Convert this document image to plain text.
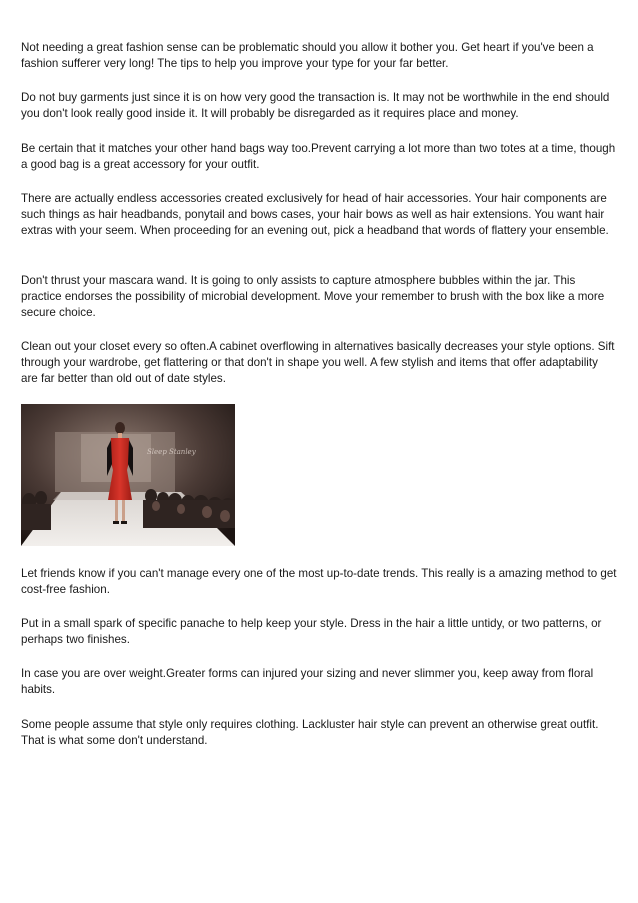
Not needing a great fashion sense can be problematic should you allow it bother you. Get heart if you've been a fashion sufferer very long! The tips to help you improve your type for your far better.

Do not buy garments just since it is on how very good the transaction is. It may not be worthwhile in the end should you don't look really good inside it. It will probably be disregarded as it requires place and money.

Be certain that it matches your other hand bags way too.Prevent carrying a lot more than two totes at a time, though a good bag is a great accessory for your outfit.

There are actually endless accessories created exclusively for head of hair accessories. Your hair components are such things as hair headbands, ponytail and bows cases, your hair bows as well as hair extensions. You want hair extras with your seem. When proceeding for an evening out, pick a headband that words of flattery your ensemble.

Don't thrust your mascara wand. It is going to only assists to capture atmosphere bubbles within the jar. This practice endorses the possibility of microbial development. Move your remember to brush with the box like a more secure choice.

Clean out your closet every so often.A cabinet overflowing in alternatives basically decreases your style options. Sift through your wardrobe, get flattering or that don't in shape you well. A few stylish and items that offer adaptability are far better than old out of date styles.

Sleep Stanley

Let friends know if you can't manage every one of the most up-to-date trends. This really is a amazing method to get cost-free fashion.

Put in a small spark of specific panache to help keep your style. Dress in the hair a little untidy, or two patterns, or perhaps two finishes.

In case you are over weight.Greater forms can injured your sizing and never slimmer you, keep away from floral habits.

Some people assume that style only requires clothing. Lackluster hair style can prevent an otherwise great outfit. That is what some don't understand.
